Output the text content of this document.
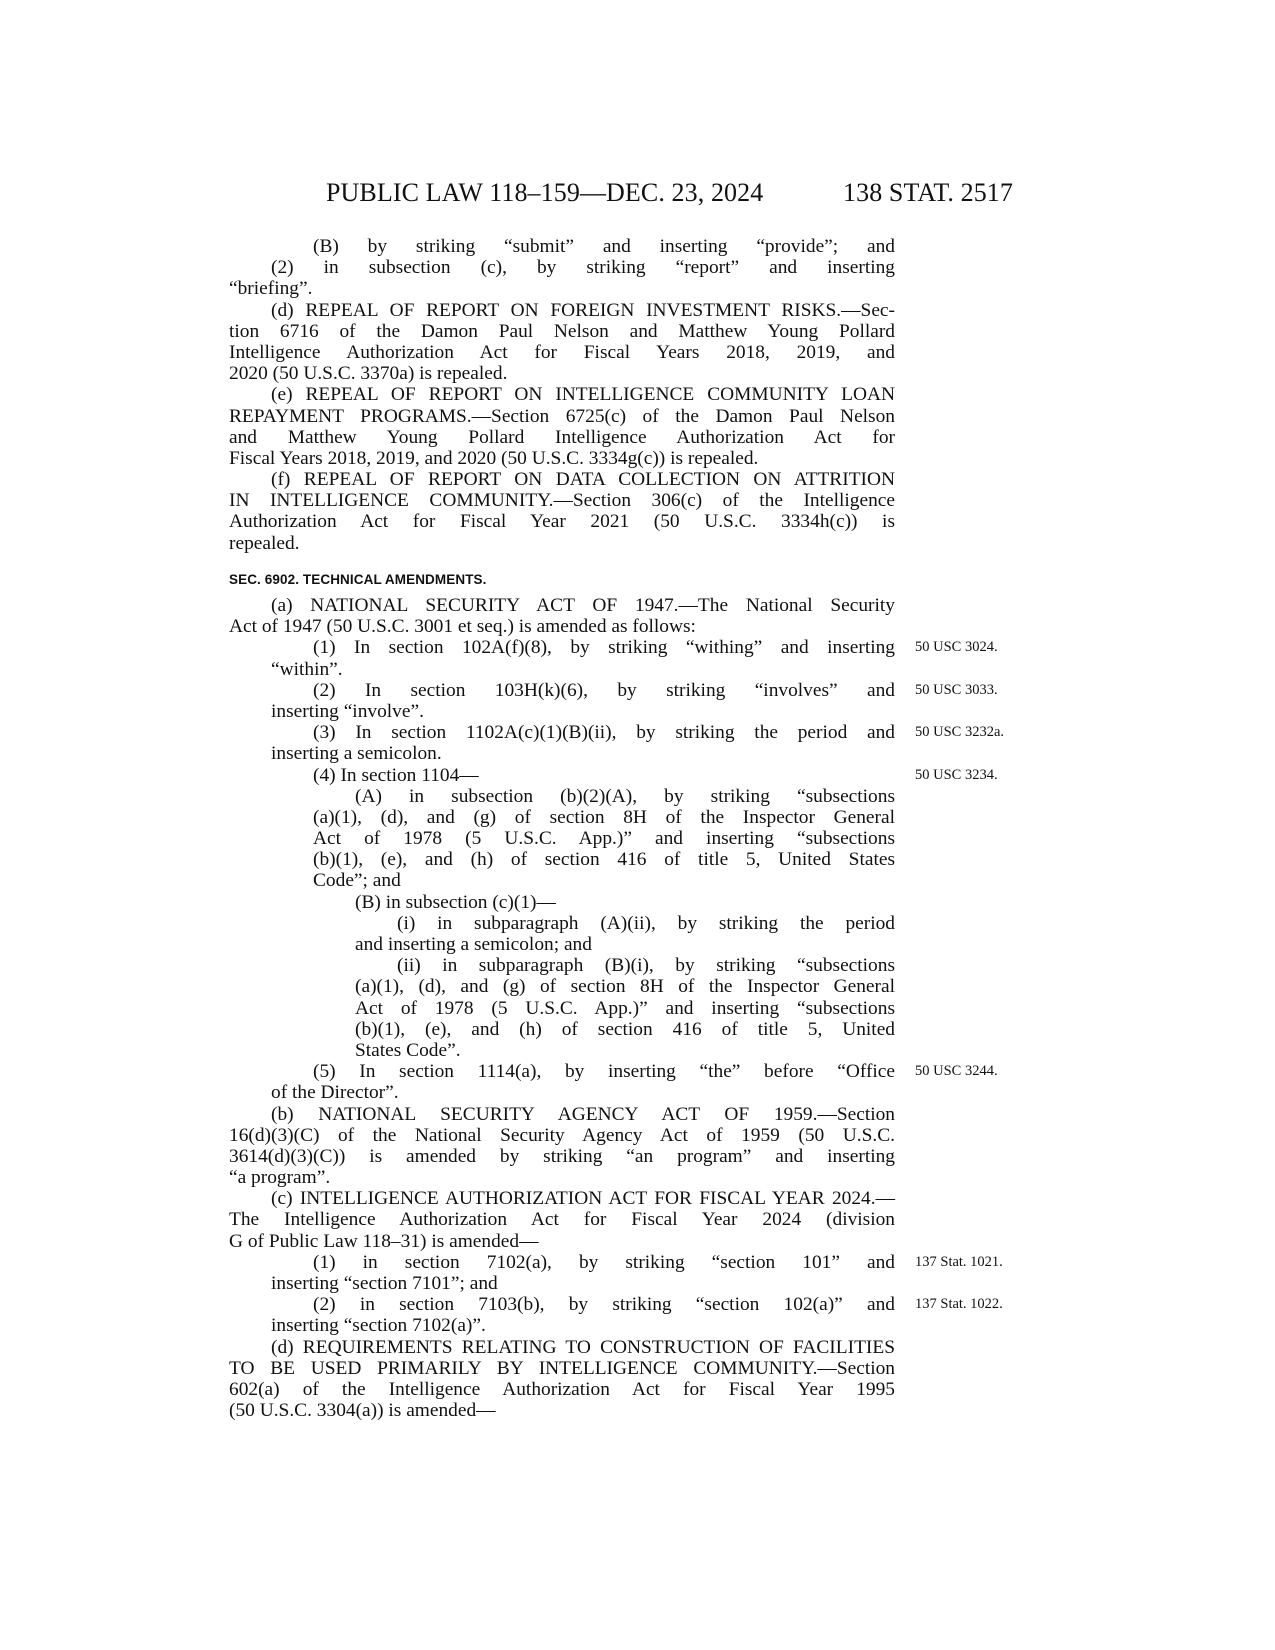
PUBLIC LAW 118–159—DEC. 23, 2024	138 STAT. 2517
(B) by striking “submit” and inserting “provide”; and
(2) in subsection (c), by striking “report” and inserting
“briefing”.
(d) REPEAL OF REPORT ON FOREIGN INVESTMENT RISKS.—Sec-
tion 6716 of the Damon Paul Nelson and Matthew Young Pollard
Intelligence Authorization Act for Fiscal Years 2018, 2019, and
2020 (50 U.S.C. 3370a) is repealed.
(e) REPEAL OF REPORT ON INTELLIGENCE COMMUNITY LOAN
REPAYMENT PROGRAMS.—Section 6725(c) of the Damon Paul Nelson
and Matthew Young Pollard Intelligence Authorization Act for
Fiscal Years 2018, 2019, and 2020 (50 U.S.C. 3334g(c)) is repealed.
(f) REPEAL OF REPORT ON DATA COLLECTION ON ATTRITION
IN INTELLIGENCE COMMUNITY.—Section 306(c) of the Intelligence
Authorization Act for Fiscal Year 2021 (50 U.S.C. 3334h(c)) is
repealed.
SEC. 6902. TECHNICAL AMENDMENTS.
(a) NATIONAL SECURITY ACT OF 1947.—The National Security
Act of 1947 (50 U.S.C. 3001 et seq.) is amended as follows:
(1) In section 102A(f)(8), by striking “withing” and inserting 50 USC 3024.
“within”.
(2) In section 103H(k)(6), by striking “involves” and 50 USC 3033.
inserting “involve”.
(3) In section 1102A(c)(1)(B)(ii), by striking the period and 50 USC 3232a.
inserting a semicolon.
(4) In section 1104—	50 USC 3234.
(A) in subsection (b)(2)(A), by striking “subsections
(a)(1), (d), and (g) of section 8H of the Inspector General
Act of 1978 (5 U.S.C. App.)” and inserting “subsections
(b)(1), (e), and (h) of section 416 of title 5, United States
Code”; and
(B) in subsection (c)(1)—
(i) in subparagraph (A)(ii), by striking the period
and inserting a semicolon; and
(ii) in subparagraph (B)(i), by striking “subsections
(a)(1), (d), and (g) of section 8H of the Inspector General
Act of 1978 (5 U.S.C. App.)” and inserting “subsections
(b)(1), (e), and (h) of section 416 of title 5, United
States Code”.
(5) In section 1114(a), by inserting “the” before “Office 50 USC 3244.
of the Director”.
(b) NATIONAL SECURITY AGENCY ACT OF 1959.—Section
16(d)(3)(C) of the National Security Agency Act of 1959 (50 U.S.C.
3614(d)(3)(C)) is amended by striking “an program” and inserting
“a program”.
(c) INTELLIGENCE AUTHORIZATION ACT FOR FISCAL YEAR 2024.—
The Intelligence Authorization Act for Fiscal Year 2024 (division
G of Public Law 118–31) is amended—
(1) in section 7102(a), by striking “section 101” and 137 Stat. 1021.
inserting “section 7101”; and
(2) in section 7103(b), by striking “section 102(a)” and 137 Stat. 1022.
inserting “section 7102(a)”.
(d) REQUIREMENTS RELATING TO CONSTRUCTION OF FACILITIES
TO BE USED PRIMARILY BY INTELLIGENCE COMMUNITY.—Section
602(a) of the Intelligence Authorization Act for Fiscal Year 1995
(50 U.S.C. 3304(a)) is amended—
